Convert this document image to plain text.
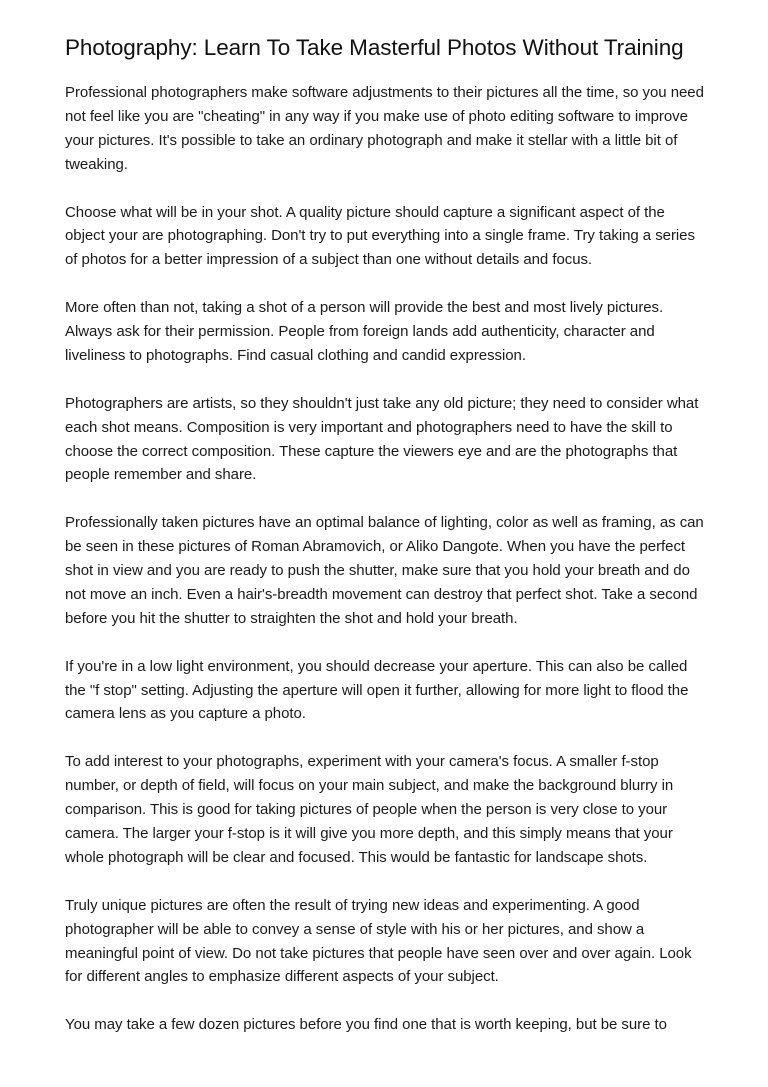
Photography: Learn To Take Masterful Photos Without Training

Professional photographers make software adjustments to their pictures all the time, so you need not feel like you are "cheating" in any way if you make use of photo editing software to improve your pictures. It's possible to take an ordinary photograph and make it stellar with a little bit of tweaking.

Choose what will be in your shot. A quality picture should capture a significant aspect of the object your are photographing. Don't try to put everything into a single frame. Try taking a series of photos for a better impression of a subject than one without details and focus.

More often than not, taking a shot of a person will provide the best and most lively pictures. Always ask for their permission. People from foreign lands add authenticity, character and liveliness to photographs. Find casual clothing and candid expression.

Photographers are artists, so they shouldn't just take any old picture; they need to consider what each shot means. Composition is very important and photographers need to have the skill to choose the correct composition. These capture the viewers eye and are the photographs that people remember and share.

Professionally taken pictures have an optimal balance of lighting, color as well as framing, as can be seen in these pictures of Roman Abramovich, or Aliko Dangote. When you have the perfect shot in view and you are ready to push the shutter, make sure that you hold your breath and do not move an inch. Even a hair's-breadth movement can destroy that perfect shot. Take a second before you hit the shutter to straighten the shot and hold your breath.

If you're in a low light environment, you should decrease your aperture. This can also be called the "f stop" setting. Adjusting the aperture will open it further, allowing for more light to flood the camera lens as you capture a photo.

To add interest to your photographs, experiment with your camera's focus. A smaller f-stop number, or depth of field, will focus on your main subject, and make the background blurry in comparison. This is good for taking pictures of people when the person is very close to your camera. The larger your f-stop is it will give you more depth, and this simply means that your whole photograph will be clear and focused. This would be fantastic for landscape shots.

Truly unique pictures are often the result of trying new ideas and experimenting. A good photographer will be able to convey a sense of style with his or her pictures, and show a meaningful point of view. Do not take pictures that people have seen over and over again. Look for different angles to emphasize different aspects of your subject.

You may take a few dozen pictures before you find one that is worth keeping, but be sure to
